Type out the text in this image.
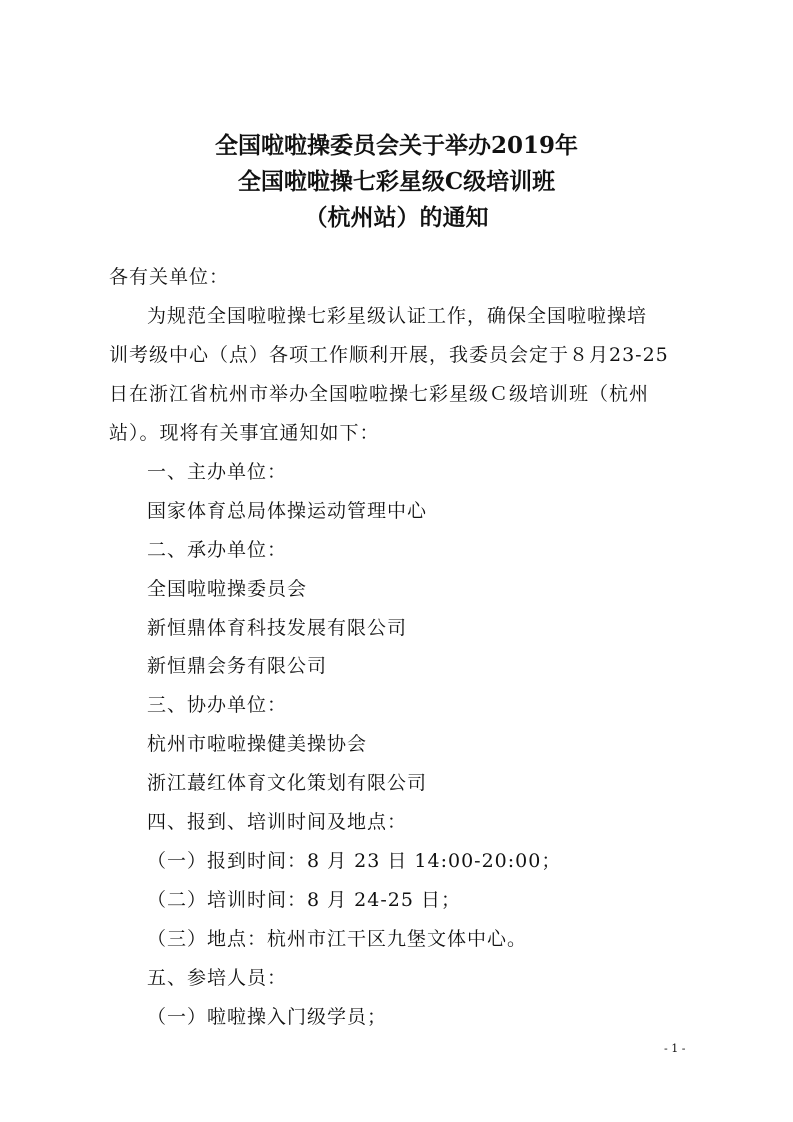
全国啦啦操委员会关于举办2019年
全国啦啦操七彩星级C级培训班
（杭州站）的通知
各有关单位：
为规范全国啦啦操七彩星级认证工作，确保全国啦啦操培
训考级中心（点）各项工作顺利开展，我委员会定于８月23-25
日在浙江省杭州市举办全国啦啦操七彩星级Ｃ级培训班（杭州
站）。现将有关事宜通知如下：
一、主办单位：
国家体育总局体操运动管理中心
二、承办单位：
全国啦啦操委员会
新恒鼎体育科技发展有限公司
新恒鼎会务有限公司
三、协办单位：
杭州市啦啦操健美操协会
浙江蕞红体育文化策划有限公司
四、报到、培训时间及地点：
（一）报到时间：8 月 23 日 14:00-20:00；
（二）培训时间：8 月 24-25 日；
（三）地点：杭州市江干区九堡文体中心。
五、参培人员：
（一）啦啦操入门级学员；
- 1 -
